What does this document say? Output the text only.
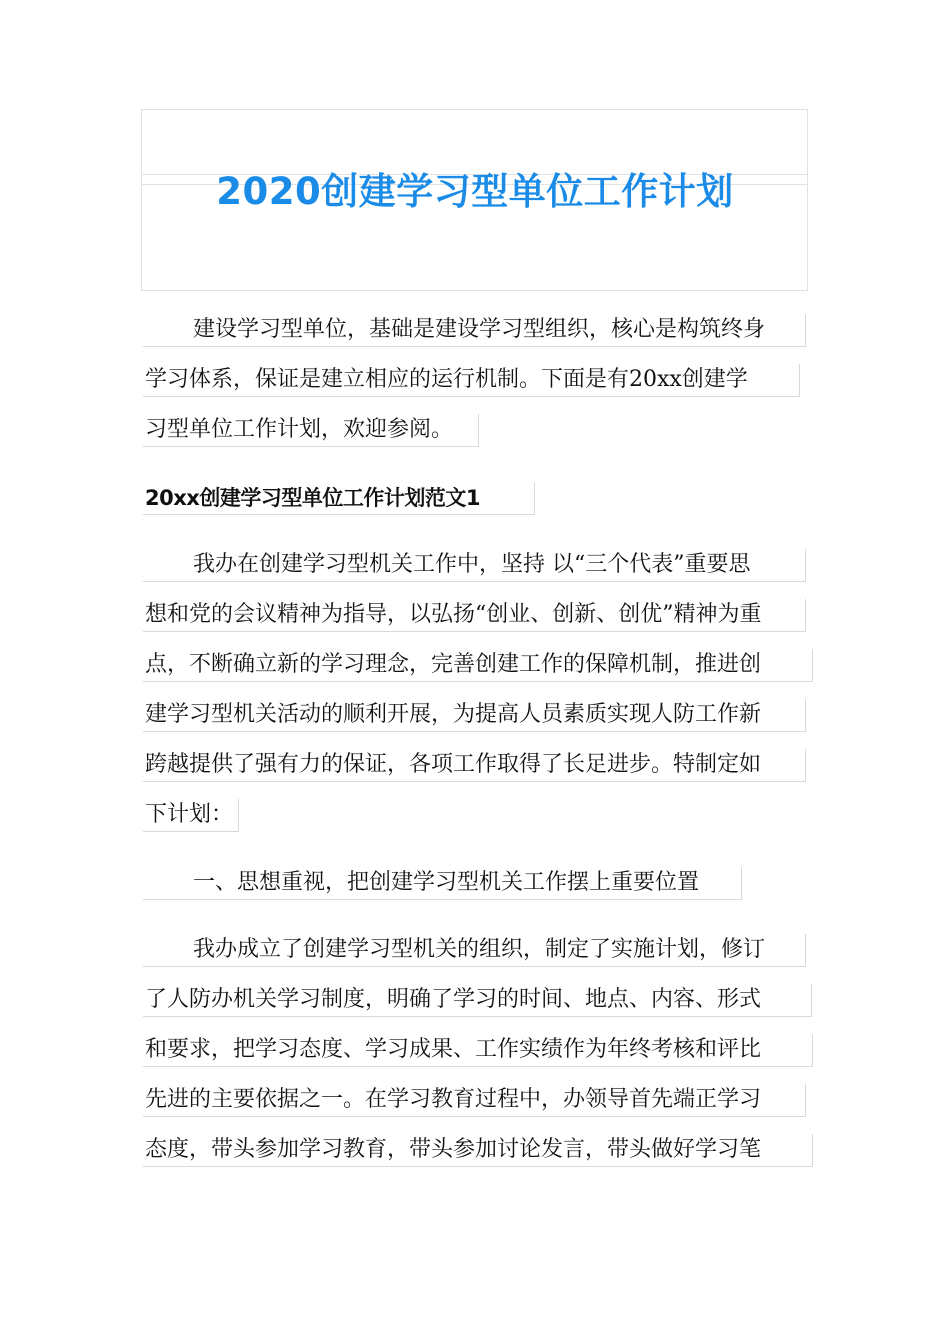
2020创建学习型单位工作计划
建设学习型单位，基础是建设学习型组织，核心是构筑终身
学习体系，保证是建立相应的运行机制。下面是有20xx创建学
习型单位工作计划，欢迎参阅。
20xx创建学习型单位工作计划范文1
我办在创建学习型机关工作中，坚持 以“三个代表”重要思
想和党的会议精神为指导，以弘扬“创业、创新、创优”精神为重
点，不断确立新的学习理念，完善创建工作的保障机制，推进创
建学习型机关活动的顺利开展，为提高人员素质实现人防工作新
跨越提供了强有力的保证，各项工作取得了长足进步。特制定如
下计划：
一、思想重视，把创建学习型机关工作摆上重要位置
我办成立了创建学习型机关的组织，制定了实施计划，修订
了人防办机关学习制度，明确了学习的时间、地点、内容、形式
和要求，把学习态度、学习成果、工作实绩作为年终考核和评比
先进的主要依据之一。在学习教育过程中，办领导首先端正学习
态度，带头参加学习教育，带头参加讨论发言，带头做好学习笔
